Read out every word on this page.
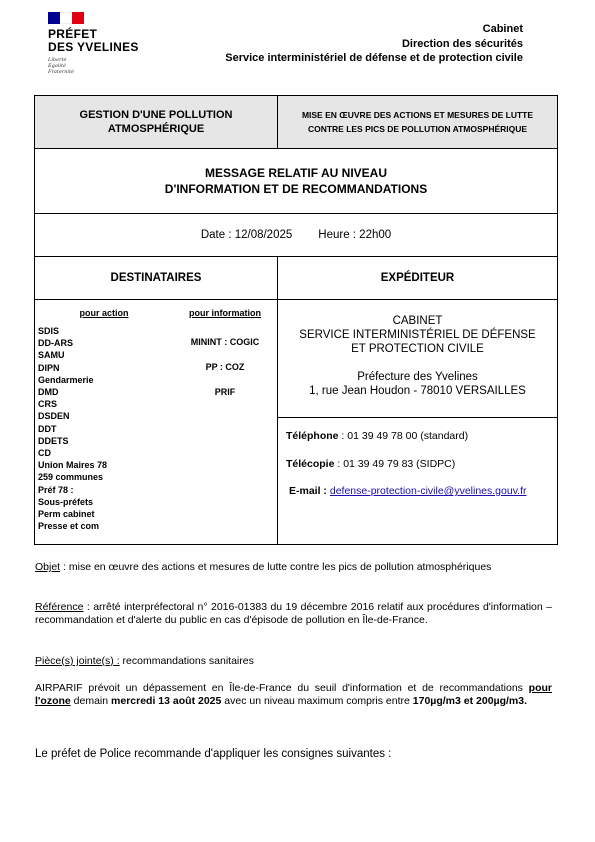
PRÉFET
DES YVELINES
Liberté
Égalité
Fraternité
Cabinet
Direction des sécurités
Service interministériel de défense et de protection civile
GESTION D'UNE POLLUTION ATMOSPHÉRIQUE
MISE EN ŒUVRE DES ACTIONS ET MESURES DE LUTTE CONTRE LES PICS DE POLLUTION ATMOSPHÉRIQUE
MESSAGE RELATIF AU NIVEAU
D'INFORMATION ET DE RECOMMANDATIONS
Date : 12/08/2025 Heure : 22h00
DESTINATAIRES	EXPÉDITEUR
pour action
SDIS
DD-ARS
SAMU
DIPN
Gendarmerie
DMD
CRS
DSDEN
DDT
DDETS
CD
Union Maires 78
259 communes
Préf 78 :
Sous-préfets
Perm cabinet
Presse et com
pour information
MININT : COGIC
PP : COZ
PRIF
CABINET
SERVICE INTERMINISTÉRIEL DE DÉFENSE
ET PROTECTION CIVILE
Préfecture des Yvelines
1, rue Jean Houdon - 78010 VERSAILLES
Téléphone : 01 39 49 78 00 (standard)
Télécopie : 01 39 49 79 83 (SIDPC)
E-mail : defense-protection-civile@yvelines.gouv.fr
Objet : mise en œuvre des actions et mesures de lutte contre les pics de pollution atmosphériques
Référence : arrêté interpréfectoral n° 2016-01383 du 19 décembre 2016 relatif aux procédures d'information – recommandation et d'alerte du public en cas d'épisode de pollution en Île-de-France.
Pièce(s) jointe(s) : recommandations sanitaires
AIRPARIF prévoit un dépassement en Île-de-France du seuil d'information et de recommandations pour l'ozone demain mercredi 13 août 2025 avec un niveau maximum compris entre 170µg/m3 et 200µg/m3.
Le préfet de Police recommande d'appliquer les consignes suivantes :
